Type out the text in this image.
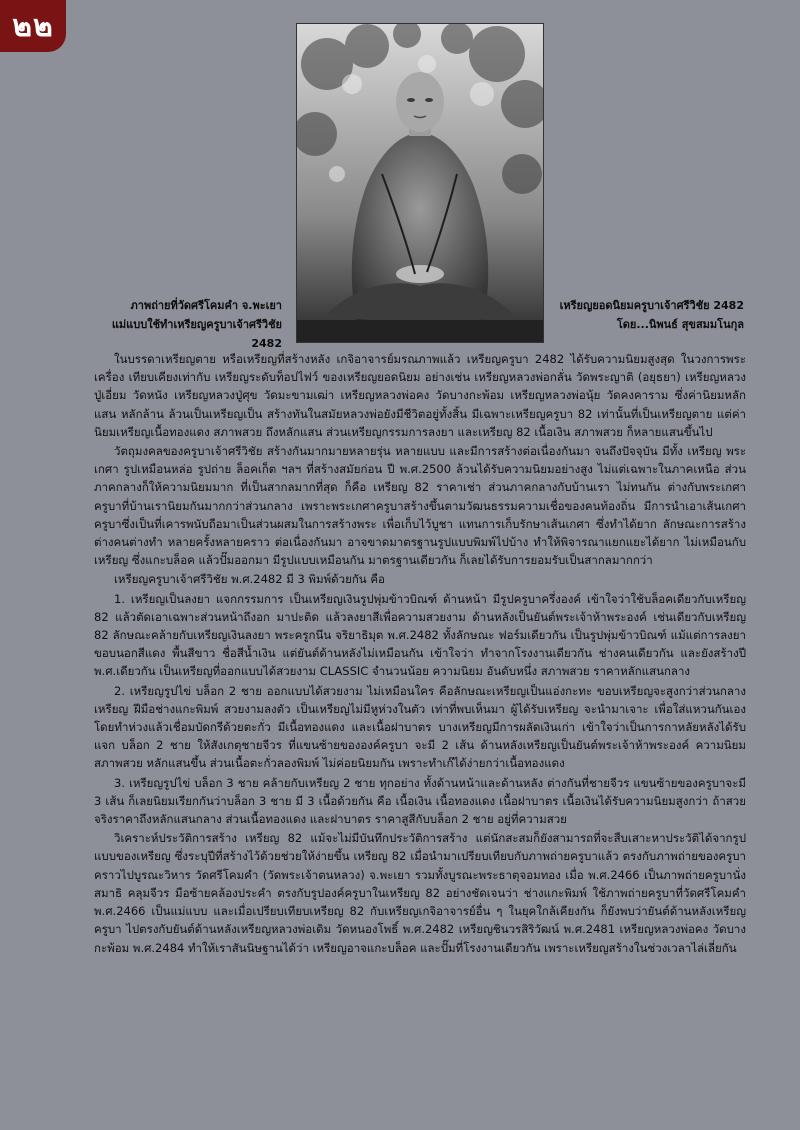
๒๒
ภาพถ่ายที่วัดศรีโคมคำ จ.พะเยา
แม่แบบใช้ทำเหรียญครูบาเจ้าศรีวิชัย 2482
เหรียญยอดนิยมครูบาเจ้าศรีวิชัย 2482
โดย...นิพนธ์ สุขสมมโนกุล

ในบรรดาเหรียญตาย หรือเหรียญที่สร้างหลัง เกจิอาจารย์มรณภาพแล้ว เหรียญครูบา 2482 ได้รับความนิยมสูงสุด ในวงการพระเครื่อง เทียบเคียงเท่ากับ เหรียญระดับท็อปไฟว์ ของเหรียญยอดนิยม อย่างเช่น เหรียญหลวงพ่อกลั่น วัดพระญาติ (อยุธยา) เหรียญหลวงปู่เอี่ยม วัดหนัง เหรียญหลวงปู่ศุข วัดมะขามเฒ่า เหรียญหลวงพ่อคง วัดบางกะพ้อม เหรียญหลวงพ่อนุ้ย วัดคงคาราม ซึ่งค่านิยมหลักแสน หลักล้าน ล้วนเป็นเหรียญเป็น สร้างทันในสมัยหลวงพ่อยังมีชีวิตอยู่ทั้งสิ้น มีเฉพาะเหรียญครูบา 82 เท่านั้นที่เป็นเหรียญตาย แต่ค่านิยมเหรียญเนื้อทองแดง สภาพสวย ถึงหลักแสน ส่วนเหรียญกรรมการลงยา และเหรียญ 82 เนื้อเงิน สภาพสวย ก็หลายแสนขึ้นไป

วัตถุมงคลของครูบาเจ้าศรีวิชัย สร้างกันมากมายหลายรุ่น หลายแบบ และมีการสร้างต่อเนื่องกันมา จนถึงปัจจุบัน มีทั้ง เหรียญ พระเกศา รูปเหมือนหล่อ รูปถ่าย ล็อคเก็ต ฯลฯ ที่สร้างสมัยก่อน ปี พ.ศ.2500 ล้วนได้รับความนิยมอย่างสูง ไม่แต่เฉพาะในภาคเหนือ ส่วนภาคกลางก็ให้ความนิยมมาก ที่เป็นสากลมากที่สุด ก็คือ เหรียญ 82 ราคาเช่า ส่วนภาคกลางกับบ้านเรา ไม่ทนกัน ต่างกับพระเกศาครูบาที่บ้านเรานิยมกันมากกว่าส่วนกลาง เพราะพระเกศาครูบาสร้างขึ้นตามวัฒนธรรมความเชื่อของคนท้องถิ่น มีการนำเอาเส้นเกศาครูบาซึ่งเป็นที่เคารพนับถือมาเป็นส่วนผสมในการสร้างพระ เพื่อเก็บไว้บูชา แทนการเก็บรักษาเส้นเกศา ซึ่งทำได้ยาก ลักษณะการสร้างต่างคนต่างทำ หลายครั้งหลายคราว ต่อเนื่องกันมา อาจขาดมาตรฐานรูปแบบพิมพ์ไปบ้าง ทำให้พิจารณาแยกแยะได้ยาก ไม่เหมือนกับเหรียญ ซึ่งแกะบล็อค แล้วปั๊มออกมา มีรูปแบบเหมือนกัน มาตรฐานเดียวกัน ก็เลยได้รับการยอมรับเป็นสากลมากกว่า

เหรียญครูบาเจ้าศรีวิชัย พ.ศ.2482 มี 3 พิมพ์ด้วยกัน คือ

1. เหรียญเป็นลงยา แจกกรรมการ เป็นเหรียญเงินรูปพุ่มข้าวบิณฑ์ ด้านหน้า มีรูปครูบาครึ่งองค์ เข้าใจว่าใช้บล็อคเดียวกับเหรียญ 82 แล้วตัดเอาเฉพาะส่วนหน้าถึงอก มาปะติด แล้วลงยาสีเพื่อความสวยงาม ด้านหลังเป็นยันต์พระเจ้าห้าพระองค์ เช่นเดียวกับเหรียญ 82 ลักษณะคล้ายกับเหรียญเงินลงยา พระครูกนึน จริยาธิมุต พ.ศ.2482 ทั้งลักษณะ ฟอร์มเดียวกัน เป็นรูปพุ่มข้าวบิณฑ์ แม้แต่การลงยา ขอบนอกสีแดง พื้นสีขาว ชื่อสีน้ำเงิน แต่ยันต์ด้านหลังไม่เหมือนกัน เข้าใจว่า ทำจากโรงงานเดียวกัน ช่างคนเดียวกัน และยังสร้างปี พ.ศ.เดียวกัน เป็นเหรียญที่ออกแบบได้สวยงาม CLASSIC จำนวนน้อย ความนิยม อันดับหนึ่ง สภาพสวย ราคาหลักแสนกลาง

2. เหรียญรูปไข่ บล็อก 2 ชาย ออกแบบได้สวยงาม ไม่เหมือนใคร คือลักษณะเหรียญเป็นแอ่งกะทะ ขอบเหรียญจะสูงกว่าส่วนกลางเหรียญ ฝีมือช่างแกะพิมพ์ สวยงามลงตัว เป็นเหรียญไม่มีหูห่วงในตัว เท่าที่พบเห็นมา ผู้ได้รับเหรียญ จะนำมาเจาะ เพื่อใส่แหวนกันเอง โดยทำห่วงแล้วเชื่อมบัดกรีด้วยตะกั่ว มีเนื้อทองแดง และเนื้อฝาบาตร บางเหรียญมีการผลัดเงินเก่า เข้าใจว่าเป็นการกาหลัยหลังได้รับแจก บล็อก 2 ชาย ให้สังเกตุชายจีวร ที่แขนซ้ายขององค์ครูบา จะมี 2 เส้น ด้านหลังเหรียญเป็นยันต์พระเจ้าห้าพระองค์ ความนิยม สภาพสวย หลักแสนขึ้น ส่วนเนื้อตะกั่วลองพิมพ์ ไม่ค่อยนิยมกัน เพราะทำเก๊ได้ง่ายกว่าเนื้อทองแดง

3. เหรียญรูปไข่ บล็อก 3 ชาย คล้ายกับเหรียญ 2 ชาย ทุกอย่าง ทั้งด้านหน้าและด้านหลัง ต่างกันที่ชายจีวร แขนซ้ายของครูบาจะมี 3 เส้น ก็เลยนิยมเรียกกันว่าบล็อก 3 ชาย มี 3 เนื้อด้วยกัน คือ เนื้อเงิน เนื้อทองแดง เนื้อฝาบาตร เนื้อเงินได้รับความนิยมสูงกว่า ถ้าสวยจริงราคาถึงหลักแสนกลาง ส่วนเนื้อทองแดง และฝาบาตร ราคาสูสีกับบล็อก 2 ชาย อยู่ที่ความสวย

วิเคราะห์ประวัติการสร้าง เหรียญ 82 แม้จะไม่มีบันทึกประวัติการสร้าง แต่นักสะสมก็ยังสามารถที่จะสืบเสาะหาประวัติได้จากรูปแบบของเหรียญ ซึ่งระบุปีที่สร้างไว้ด้วยช่วยให้ง่ายขึ้น เหรียญ 82 เมื่อนำมาเปรียบเทียบกับภาพถ่ายครูบาแล้ว ตรงกับภาพถ่ายของครูบา คราวไปบูรณะวิหาร วัดศรีโคมคำ (วัดพระเจ้าตนหลวง) จ.พะเยา รวมทั้งบูรณะพระธาตุจอมทอง เมื่อ พ.ศ.2466 เป็นภาพถ่ายครูบานั่งสมาธิ คลุมจีวร มือซ้ายคล้องประคำ ตรงกับรูปองค์ครูบาในเหรียญ 82 อย่างชัดเจนว่า ช่างแกะพิมพ์ ใช้ภาพถ่ายครูบาที่วัดศรีโคมคำ พ.ศ.2466 เป็นแม่แบบ และเมื่อเปรียบเทียบเหรียญ 82 กับเหรียญเกจิอาจารย์อื่น ๆ ในยุคใกล้เคียงกัน ก็ยังพบว่ายันต์ด้านหลังเหรียญครูบา ไปตรงกับยันต์ด้านหลังเหรียญหลวงพ่อเดิม วัดหนองโพธิ์ พ.ศ.2482 เหรียญชินวรสิริวัฒน์ พ.ศ.2481 เหรียญหลวงพ่อคง วัดบางกะพ้อม พ.ศ.2484 ทำให้เราสันนิษฐานได้ว่า เหรียญอาจแกะบล็อค และปั๊มที่โรงงานเดียวกัน เพราะเหรียญสร้างในช่วงเวลาไล่เลี่ยกัน
